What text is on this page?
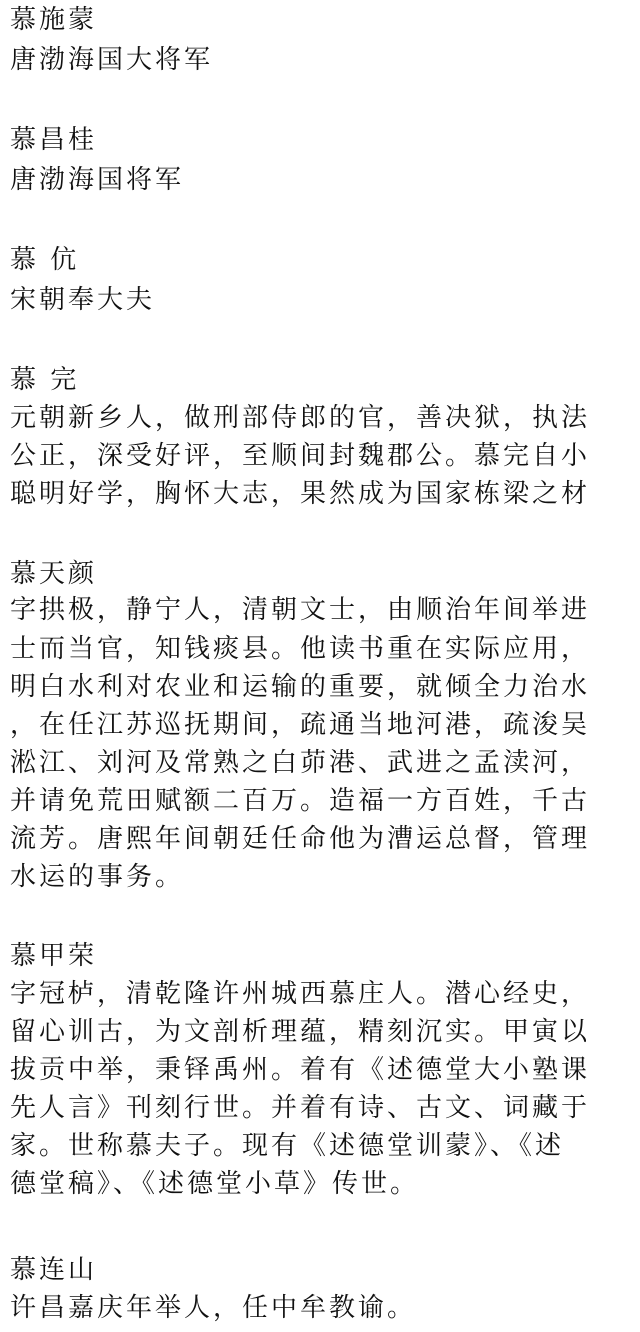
慕施蒙
唐渤海国大将军
慕昌桂
唐渤海国将军
慕 伉
宋朝奉大夫
慕 完
元朝新乡人，做刑部侍郎的官，善决狱，执法
公正，深受好评，至顺间封魏郡公。慕完自小
聪明好学，胸怀大志，果然成为国家栋梁之材
慕天颜
字拱极，静宁人，清朝文士，由顺治年间举进
士而当官，知钱痰县。他读书重在实际应用，
明白水利对农业和运输的重要，就倾全力治水
，在任江苏巡抚期间，疏通当地河港，疏浚吴
淞江、刘河及常熟之白茆港、武进之孟渎河，
并请免荒田赋额二百万。造福一方百姓，千古
流芳。唐熙年间朝廷任命他为漕运总督，管理
水运的事务。
慕甲荣
字冠栌，清乾隆许州城西慕庄人。潜心经史，
留心训古，为文剖析理蕴，精刻沉实。甲寅以
拔贡中举，秉铎禹州。着有《述德堂大小塾课
先人言》刊刻行世。并着有诗、古文、词藏于
家。世称慕夫子。现有《述德堂训蒙》、《述
德堂稿》、《述德堂小草》传世。
慕连山
许昌嘉庆年举人，任中牟教谕。
